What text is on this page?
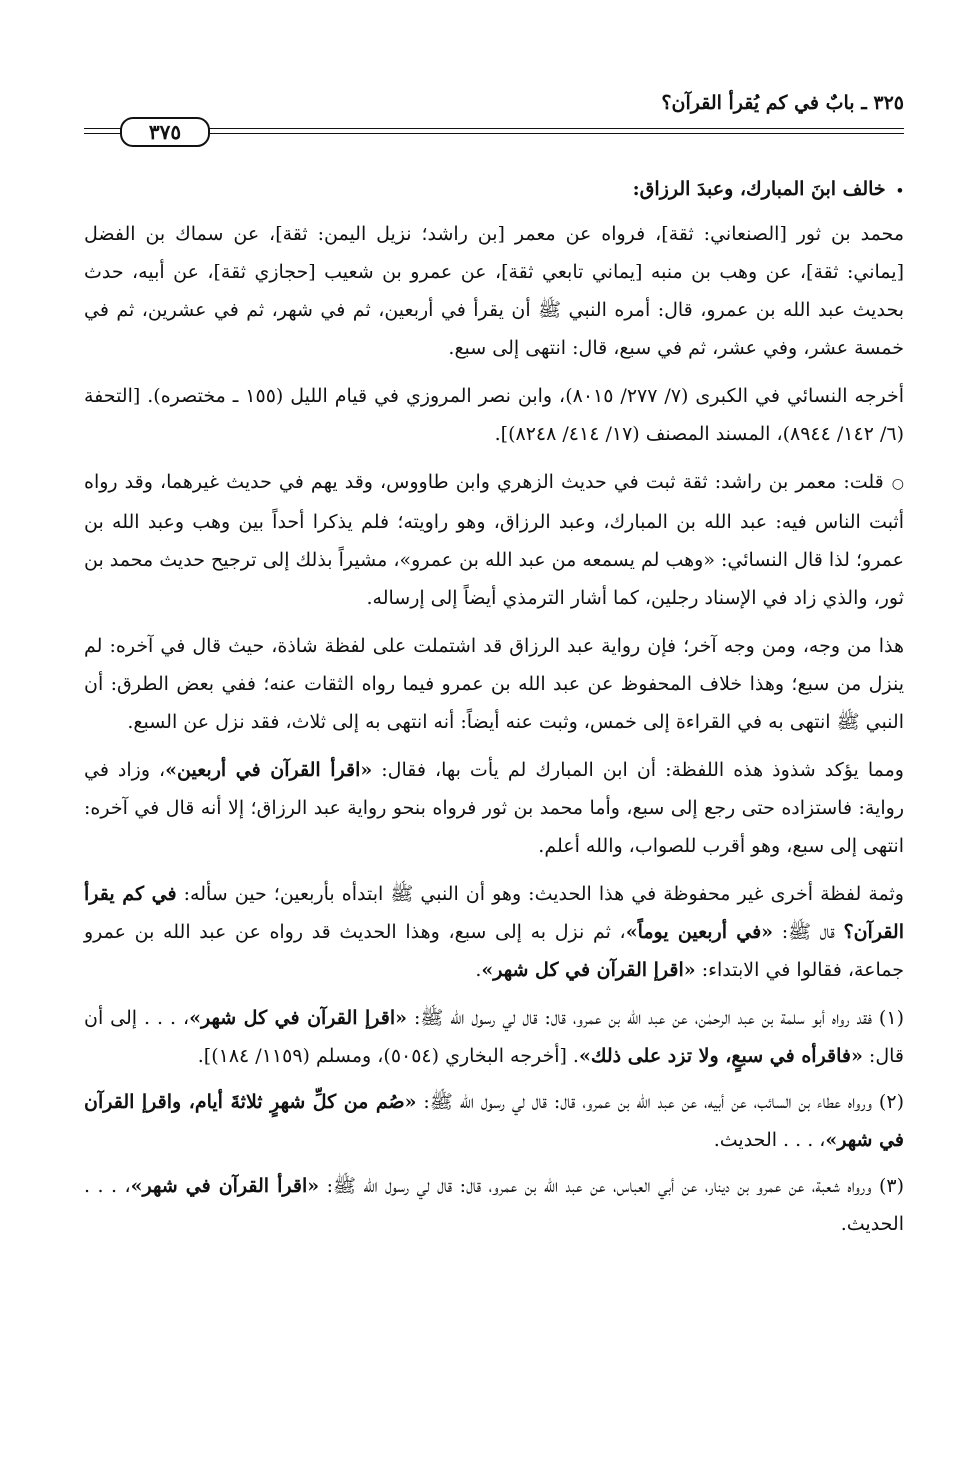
٣٢٥ ـ بابٌ في كم يُقرأ القرآن؟
٣٧٥

•خالف ابنَ المبارك، وعبدَ الرزاق:

محمد بن ثور [الصنعاني: ثقة]، فرواه عن معمر [بن راشد؛ نزيل اليمن: ثقة]، عن سماك بن الفضل [يماني: ثقة]، عن وهب بن منبه [يماني تابعي ثقة]، عن عمرو بن شعيب [حجازي ثقة]، عن أبيه، حدث بحديث عبد الله بن عمرو، قال: أمره النبي ﷺ أن يقرأ في أربعين، ثم في شهر، ثم في عشرين، ثم في خمسة عشر، وفي عشر، ثم في سبع، قال: انتهى إلى سبع.

أخرجه النسائي في الكبرى (٧/ ٢٧٧/ ٨٠١٥)، وابن نصر المروزي في قيام الليل (١٥٥ ـ مختصره). [التحفة (٦/ ١٤٢/ ٨٩٤٤)، المسند المصنف (١٧/ ٤١٤/ ٨٢٤٨)].

○قلت: معمر بن راشد: ثقة ثبت في حديث الزهري وابن طاووس، وقد يهم في حديث غيرهما، وقد رواه أثبت الناس فيه: عبد الله بن المبارك، وعبد الرزاق، وهو راويته؛ فلم يذكرا أحداً بين وهب وعبد الله بن عمرو؛ لذا قال النسائي: «وهب لم يسمعه من عبد الله بن عمرو»، مشيراً بذلك إلى ترجيح حديث محمد بن ثور، والذي زاد في الإسناد رجلين، كما أشار الترمذي أيضاً إلى إرساله.

هذا من وجه، ومن وجه آخر؛ فإن رواية عبد الرزاق قد اشتملت على لفظة شاذة، حيث قال في آخره: لم ينزل من سبع؛ وهذا خلاف المحفوظ عن عبد الله بن عمرو فيما رواه الثقات عنه؛ ففي بعض الطرق: أن النبي ﷺ انتهى به في القراءة إلى خمس، وثبت عنه أيضاً: أنه انتهى به إلى ثلاث، فقد نزل عن السبع.

ومما يؤكد شذوذ هذه اللفظة: أن ابن المبارك لم يأت بها، فقال: «اقرأ القرآن في أربعين»، وزاد في رواية: فاستزاده حتى رجع إلى سبع، وأما محمد بن ثور فرواه بنحو رواية عبد الرزاق؛ إلا أنه قال في آخره: انتهى إلى سبع، وهو أقرب للصواب، والله أعلم.

وثمة لفظة أخرى غير محفوظة في هذا الحديث: وهو أن النبي ﷺ ابتدأه بأربعين؛ حين سأله: في كم يقرأ القرآن؟ قال ﷺ: «في أربعين يوماً»، ثم نزل به إلى سبع، وهذا الحديث قد رواه عن عبد الله بن عمرو جماعة، فقالوا في الابتداء: «اقرإ القرآن في كل شهر».

(١) فقد رواه أبو سلمة بن عبد الرحمٰن، عن عبد الله بن عمرو، قال: قال لي رسول الله ﷺ: «اقرإ القرآن في كل شهر»، . . . إلى أن قال: «فاقرأه في سبعٍ، ولا تزد على ذلك». [أخرجه البخاري (٥٠٥٤)، ومسلم (١١٥٩/ ١٨٤)].

(٢) ورواه عطاء بن السائب، عن أبيه، عن عبد الله بن عمرو، قال: قال لي رسول الله ﷺ: «صُم من كلِّ شهرٍ ثلاثةَ أيام، واقرإ القرآن في شهر»، . . . الحديث.

(٣) ورواه شعبة، عن عمرو بن دينار، عن أبي العباس، عن عبد الله بن عمرو، قال: قال لي رسول الله ﷺ: «اقرأ القرآن في شهر»، . . . الحديث.
